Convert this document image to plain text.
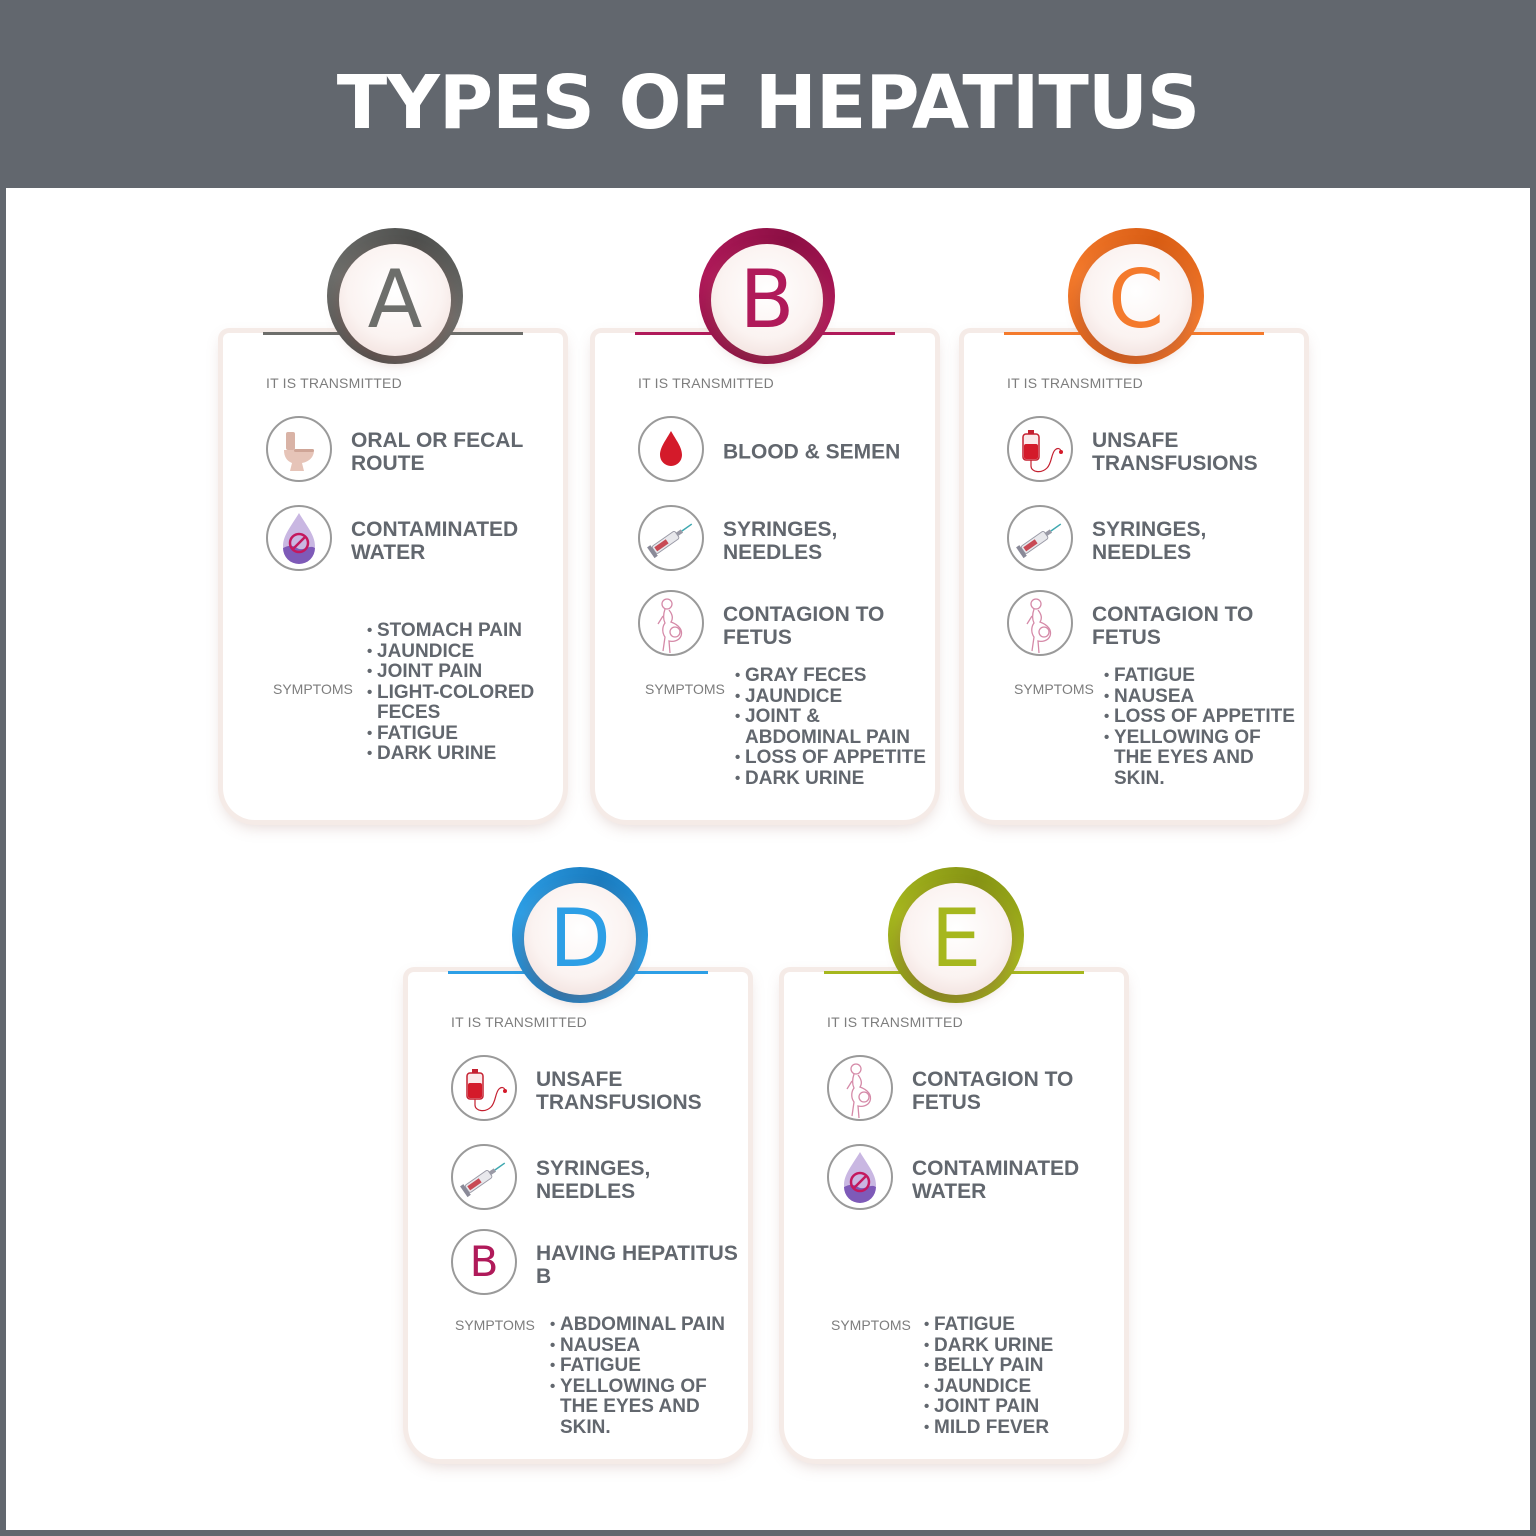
TYPES OF HEPATITUS
A
IT IS TRANSMITTED
ORAL OR FECAL ROUTE
CONTAMINATED WATER
SYMPTOMS
• STOMACH PAIN
• JAUNDICE
• JOINT PAIN
• LIGHT-COLORED FECES
• FATIGUE
• DARK URINE
B
IT IS TRANSMITTED
BLOOD & SEMEN
SYRINGES, NEEDLES
CONTAGION TO FETUS
SYMPTOMS
• GRAY FECES
• JAUNDICE
• JOINT & ABDOMINAL PAIN
• LOSS OF APPETITE
• DARK URINE
C
IT IS TRANSMITTED
UNSAFE TRANSFUSIONS
SYRINGES, NEEDLES
CONTAGION TO FETUS
SYMPTOMS
• FATIGUE
• NAUSEA
• LOSS OF APPETITE
• YELLOWING OF THE EYES AND SKIN.
D
IT IS TRANSMITTED
UNSAFE TRANSFUSIONS
SYRINGES, NEEDLES
B	HAVING HEPATITUS B
SYMPTOMS	• ABDOMINAL PAIN
• NAUSEA
• FATIGUE
• YELLOWING OF THE EYES AND SKIN.
E
IT IS TRANSMITTED
CONTAGION TO FETUS
CONTAMINATED WATER
SYMPTOMS	• FATIGUE
• DARK URINE
• BELLY PAIN
• JAUNDICE
• JOINT PAIN
• MILD FEVER
